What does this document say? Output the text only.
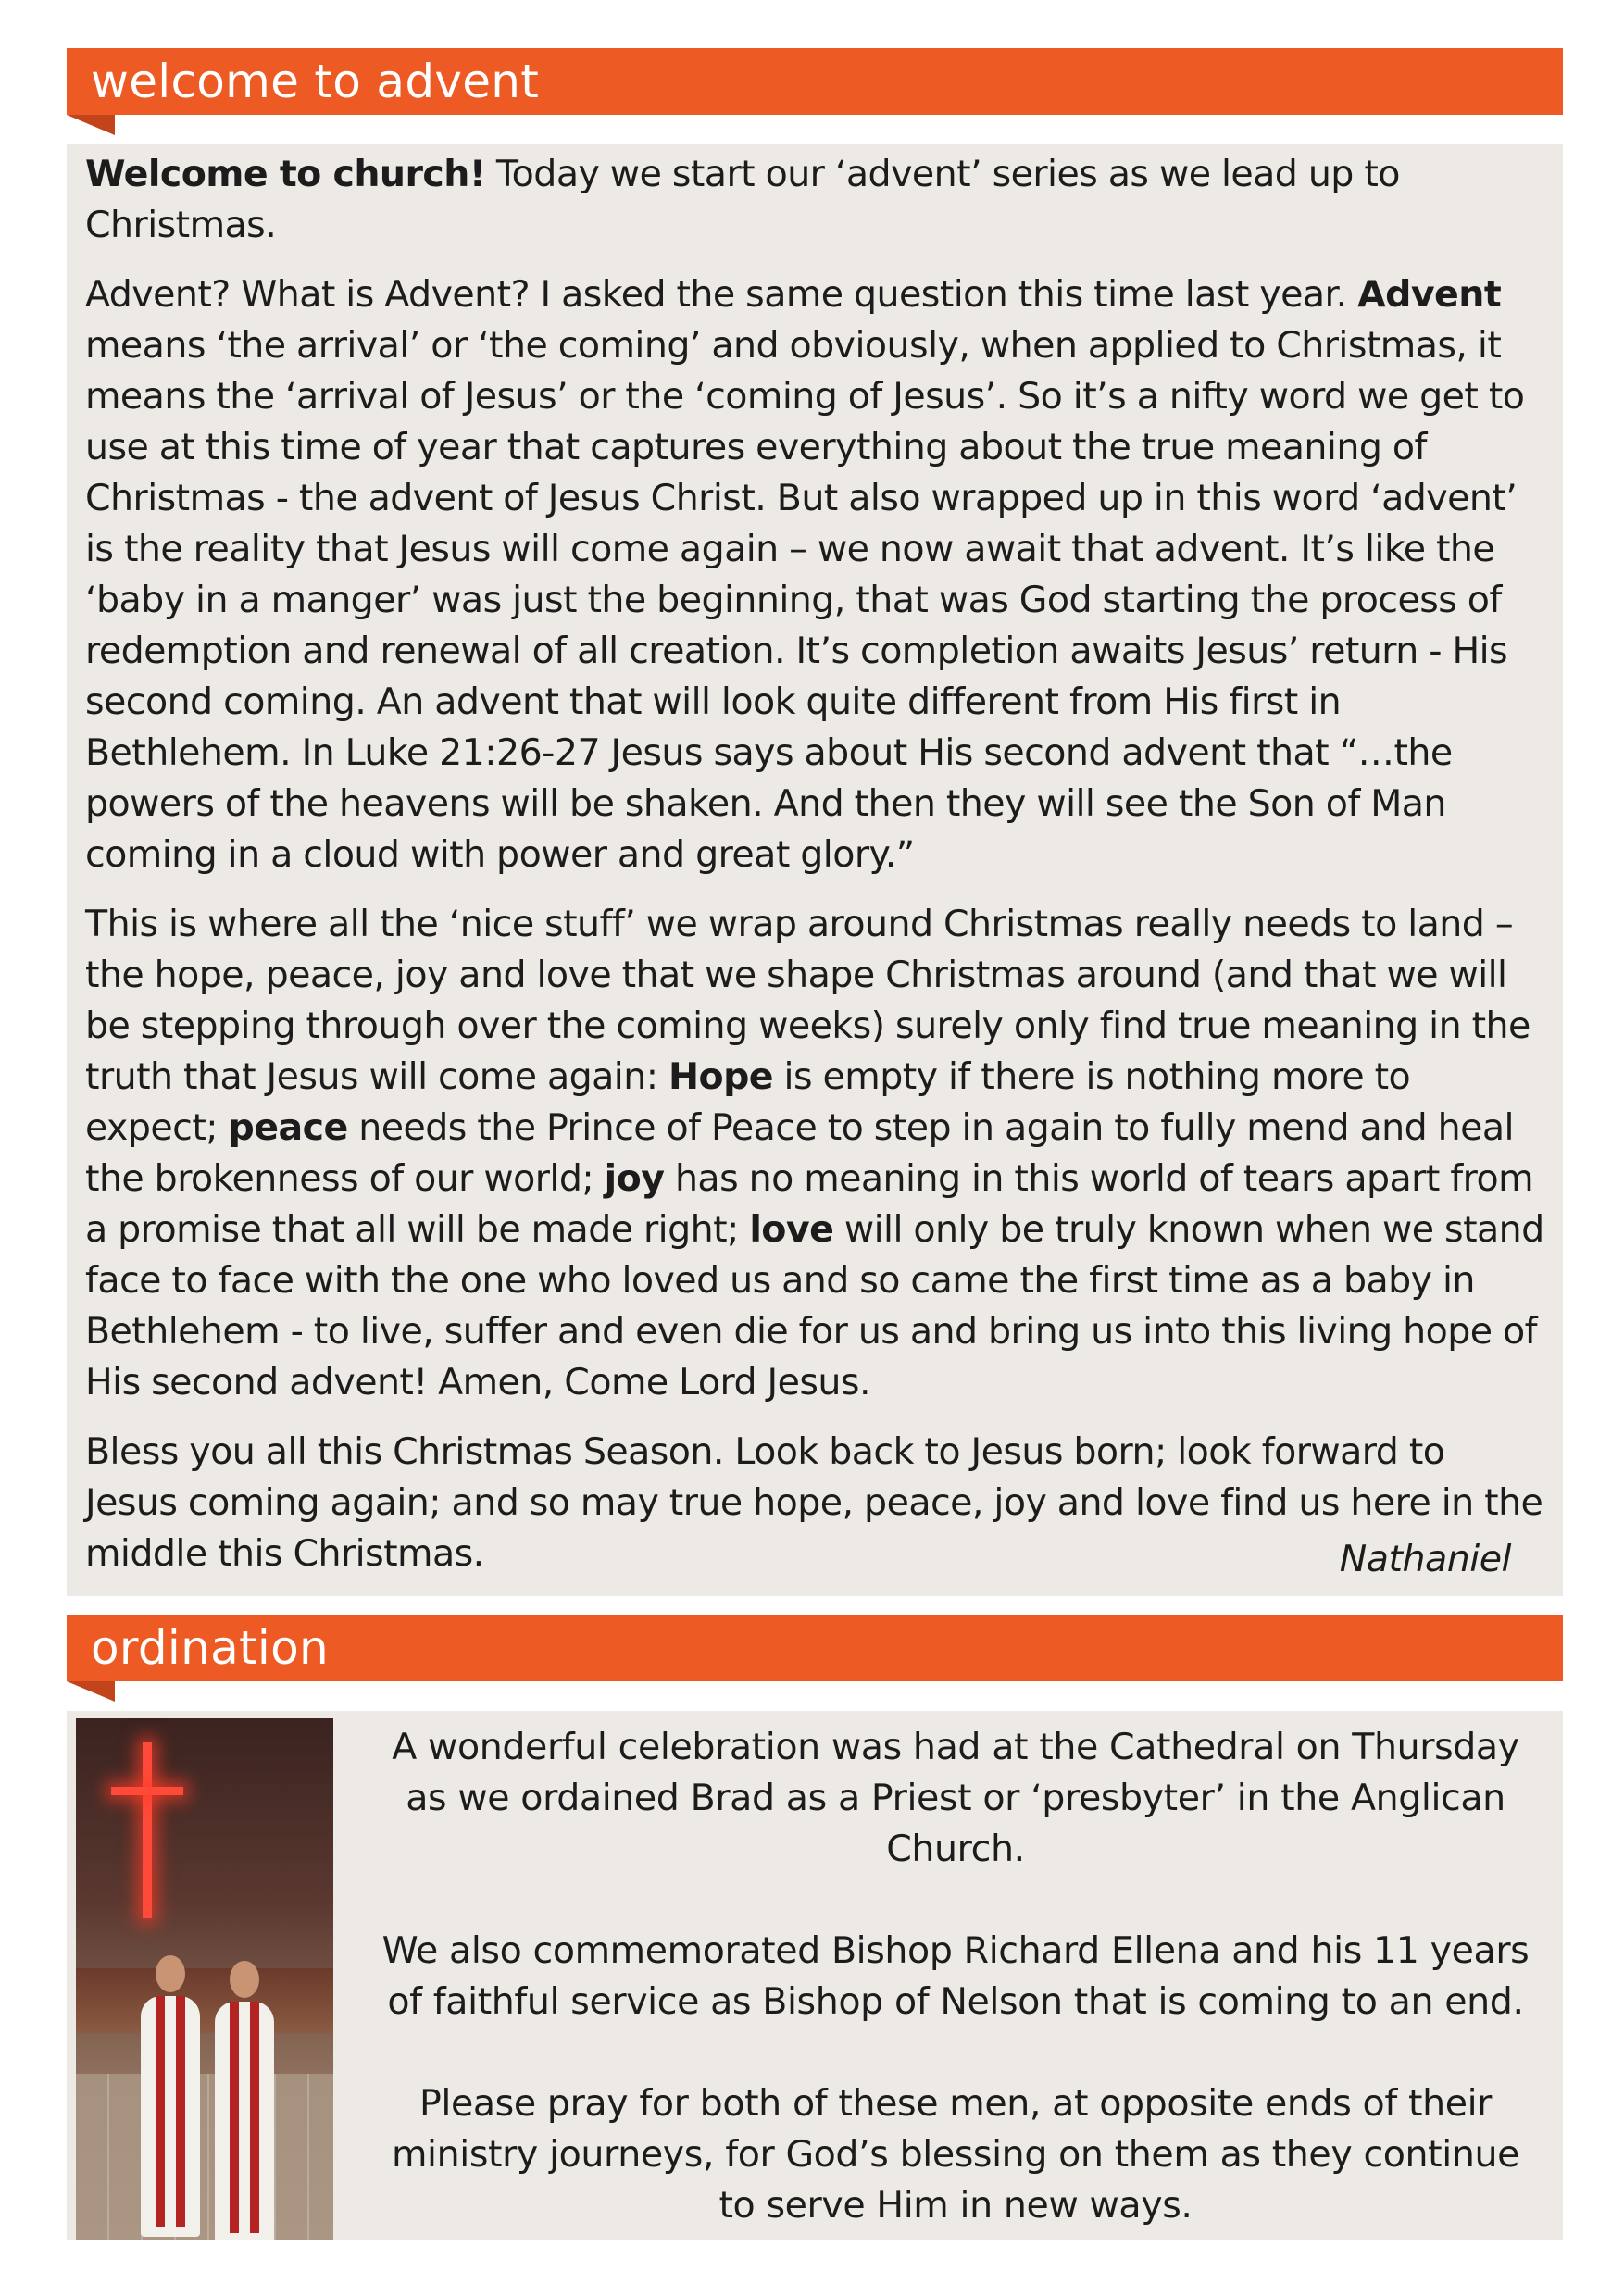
welcome to advent

Welcome to church! Today we start our ‘advent’ series as we lead up to Christmas.

Advent? What is Advent? I asked the same question this time last year. Advent means ‘the arrival’ or ‘the coming’ and obviously, when applied to Christmas, it means the ‘arrival of Jesus’ or the ‘coming of Jesus’. So it’s a nifty word we get to use at this time of year that captures everything about the true meaning of Christmas - the advent of Jesus Christ. But also wrapped up in this word ‘advent’ is the reality that Jesus will come again – we now await that advent. It’s like the ‘baby in a manger’ was just the beginning, that was God starting the process of redemption and renewal of all creation. It’s completion awaits Jesus’ return - His second coming. An advent that will look quite different from His first in Bethlehem. In Luke 21:26-27 Jesus says about His second advent that “…the powers of the heavens will be shaken. And then they will see the Son of Man coming in a cloud with power and great glory.”

This is where all the ‘nice stuff’ we wrap around Christmas really needs to land – the hope, peace, joy and love that we shape Christmas around (and that we will be stepping through over the coming weeks) surely only find true meaning in the truth that Jesus will come again: Hope is empty if there is nothing more to expect; peace needs the Prince of Peace to step in again to fully mend and heal the brokenness of our world; joy has no meaning in this world of tears apart from a promise that all will be made right; love will only be truly known when we stand face to face with the one who loved us and so came the first time as a baby in Bethlehem - to live, suffer and even die for us and bring us into this living hope of His second advent! Amen, Come Lord Jesus.

Bless you all this Christmas Season. Look back to Jesus born; look forward to Jesus coming again; and so may true hope, peace, joy and love find us here in the middle this Christmas.	Nathaniel
ordination

A wonderful celebration was had at the Cathedral on Thursday as we ordained Brad as a Priest or ‘presbyter’ in the Anglican Church.

We also commemorated Bishop Richard Ellena and his 11 years of faithful service as Bishop of Nelson that is coming to an end.

Please pray for both of these men, at opposite ends of their ministry journeys, for God’s blessing on them as they continue to serve Him in new ways.
